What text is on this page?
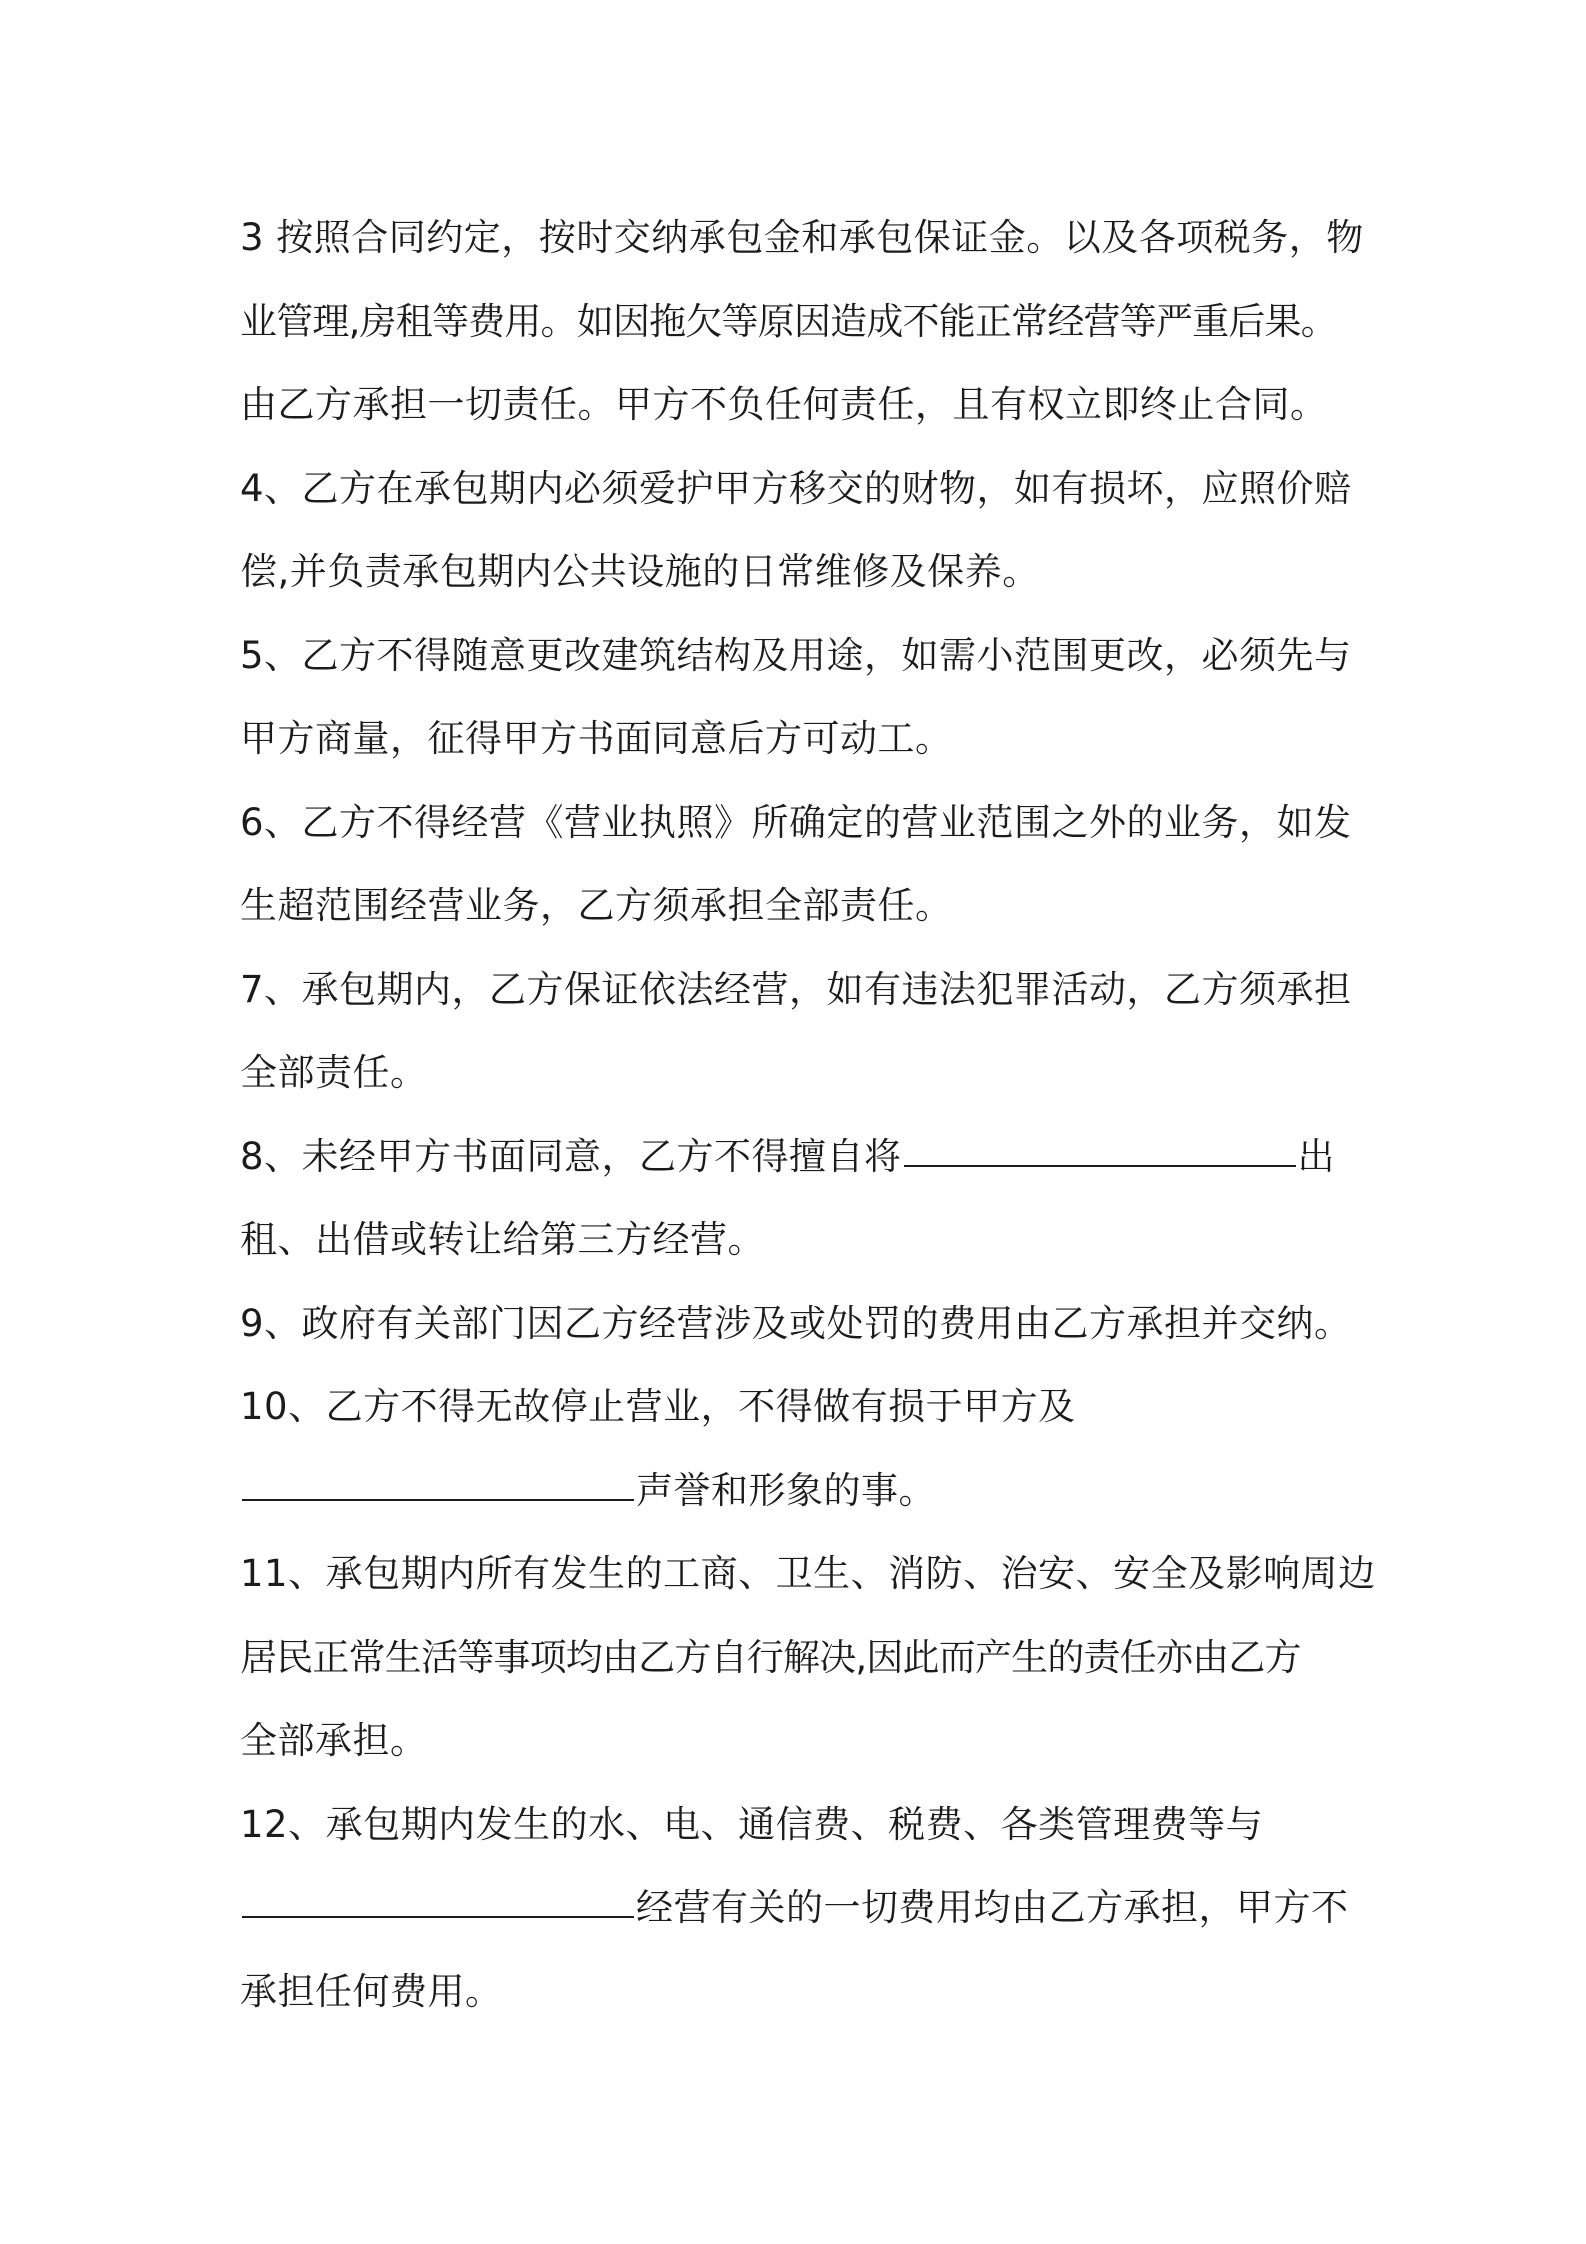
3 按照合同约定，按时交纳承包金和承包保证金。以及各项税务，物
业管理,房租等费用。如因拖欠等原因造成不能正常经营等严重后果。
由乙方承担一切责任。甲方不负任何责任，且有权立即终止合同。
4、乙方在承包期内必须爱护甲方移交的财物，如有损坏，应照价赔
偿,并负责承包期内公共设施的日常维修及保养。
5、乙方不得随意更改建筑结构及用途，如需小范围更改，必须先与
甲方商量，征得甲方书面同意后方可动工。
6、乙方不得经营《营业执照》所确定的营业范围之外的业务，如发
生超范围经营业务，乙方须承担全部责任。
7、承包期内，乙方保证依法经营，如有违法犯罪活动，乙方须承担
全部责任。
8、未经甲方书面同意，乙方不得擅自将	出
租、出借或转让给第三方经营。
9、政府有关部门因乙方经营涉及或处罚的费用由乙方承担并交纳。
10、乙方不得无故停止营业，不得做有损于甲方及
声誉和形象的事。
11、承包期内所有发生的工商、卫生、消防、治安、安全及影响周边
居民正常生活等事项均由乙方自行解决,因此而产生的责任亦由乙方
全部承担。
12、承包期内发生的水、电、通信费、税费、各类管理费等与
经营有关的一切费用均由乙方承担，甲方不
承担任何费用。
